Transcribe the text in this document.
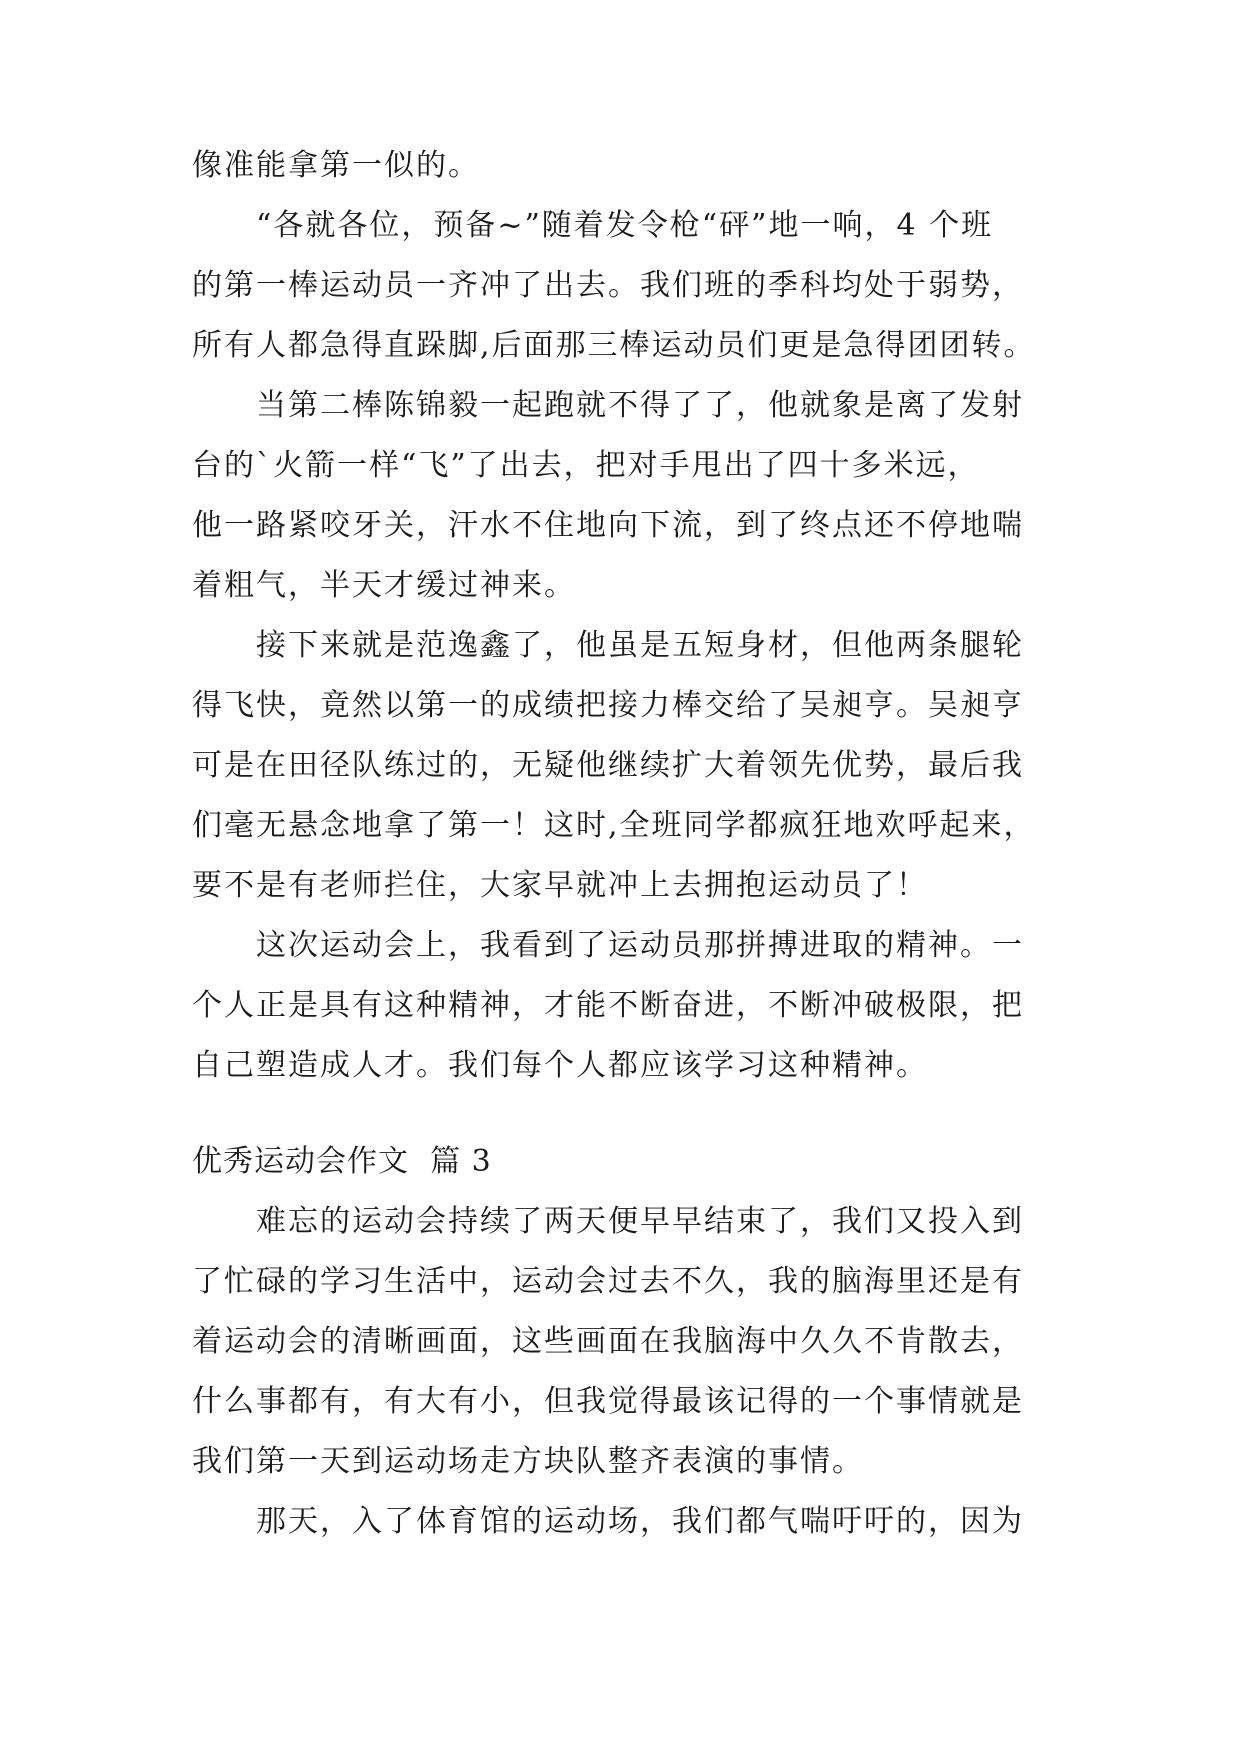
像准能拿第一似的。
“各就各位，预备~”随着发令枪“砰”地一响，4 个班
的第一棒运动员一齐冲了出去。我们班的季科均处于弱势，
所有人都急得直跺脚,后面那三棒运动员们更是急得团团转。
当第二棒陈锦毅一起跑就不得了了，他就象是离了发射
台的`火箭一样“飞”了出去，把对手甩出了四十多米远，
他一路紧咬牙关，汗水不住地向下流，到了终点还不停地喘
着粗气，半天才缓过神来。
接下来就是范逸鑫了，他虽是五短身材，但他两条腿轮
得飞快，竟然以第一的成绩把接力棒交给了吴昶亨。吴昶亨
可是在田径队练过的，无疑他继续扩大着领先优势，最后我
们毫无悬念地拿了第一！这时,全班同学都疯狂地欢呼起来，
要不是有老师拦住，大家早就冲上去拥抱运动员了！
这次运动会上，我看到了运动员那拼搏进取的精神。一
个人正是具有这种精神，才能不断奋进，不断冲破极限，把
自己塑造成人才。我们每个人都应该学习这种精神。
优秀运动会作文  篇 3
难忘的运动会持续了两天便早早结束了，我们又投入到
了忙碌的学习生活中，运动会过去不久，我的脑海里还是有
着运动会的清晰画面，这些画面在我脑海中久久不肯散去，
什么事都有，有大有小，但我觉得最该记得的一个事情就是
我们第一天到运动场走方块队整齐表演的事情。
那天，入了体育馆的运动场，我们都气喘吁吁的，因为
